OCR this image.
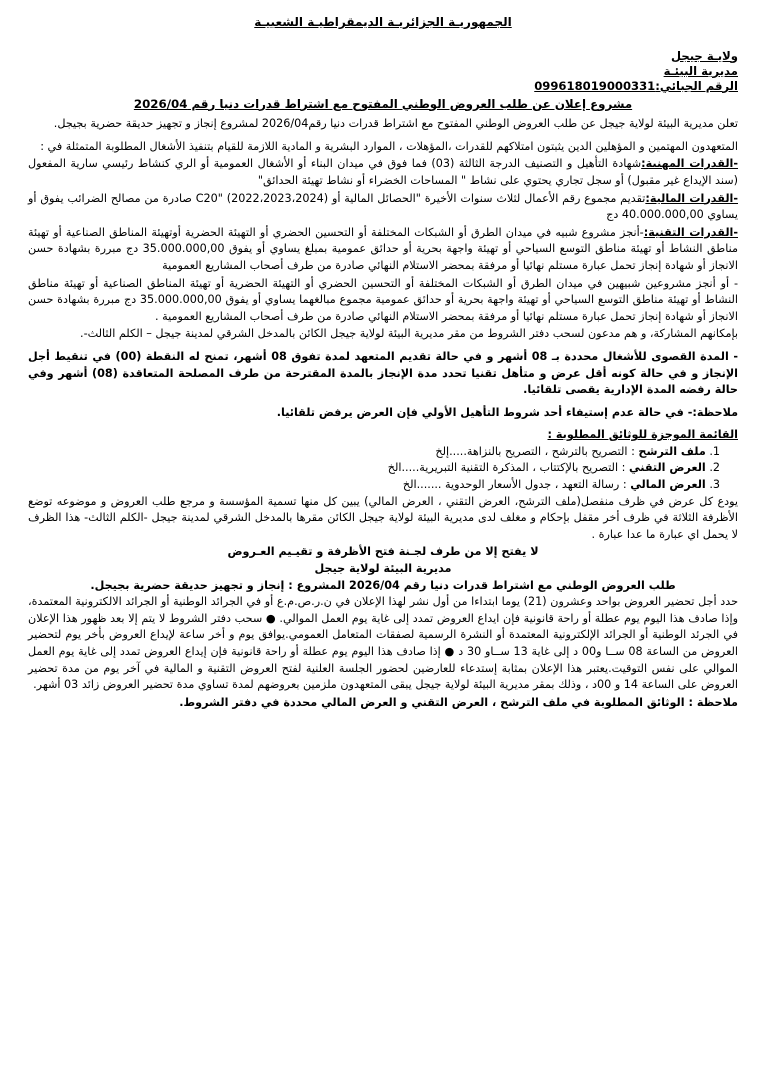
الجمهوريـة الجزائريـة الديمقراطيـة الشعبيـة

ولايـة جيجل

مديرية البيئـة

الرقم الجبائي:099618019000331

مشروع إعلان عن طلب العروض الوطني المفتوح مع اشتراط قدرات دنيا رقم 2026/04

تعلن مديرية البيئة لولاية جيجل عن طلب العروض الوطني المفتوح مع اشتراط قدرات دنيا رقم2026/04 لمشروع إنجاز و تجهيز حديقة حضرية بجيجل.

المتعهدون المهتمين و المؤهلين الدين يثبتون امتلاكهم للقدرات ،المؤهلات ، الموارد البشرية و المادية اللازمة للقيام بتنفيذ الأشغال المطلوبة المتمثلة في :

-القدرات المهنية:شهادة التأهيل و التصنيف الدرجة الثالثة (03) فما فوق في ميدان البناء أو الأشغال العمومية أو الري كنشاط رئيسي سارية المفعول (سند الإيداع غير مقبول) أو سجل تجاري يحتوي على نشاط " المساحات الخضراء أو نشاط تهيئة الحدائق"

-القدرات المالية:تقديم مجموع رقم الأعمال لثلاث سنوات الأخيرة "الحصائل المالية أو C20" (2022،2023،2024) صادرة من مصالح الضرائب يفوق أو يساوي 40.000.000,00 دج

-القدرات التقنية:-أنجز مشروع شبيه في ميدان الطرق أو الشبكات المختلفة أو التحسين الحضري أو التهيئة الحضرية أوتهيئة المناطق الصناعية أو تهيئة مناطق النشاط أو تهيئة مناطق التوسع السياحي أو تهيئة واجهة بحرية أو حدائق عمومية بمبلغ يساوي أو يفوق 35.000.000,00 دج مبررة بشهادة حسن الانجاز أو شهادة إنجاز تحمل عبارة مستلم نهائيا أو مرفقة بمحضر الاستلام النهائي صادرة من طرف أصحاب المشاريع العمومية

- أو أنجز مشروعين شبيهين في ميدان الطرق أو الشبكات المختلفة أو التحسين الحضري أو التهيئة الحضرية أو تهيئة المناطق الصناعية أو تهيئة مناطق النشاط أو تهيئة مناطق التوسع السياحي أو تهيئة واجهة بحرية أو حدائق عمومية مجموع مبالغهما يساوي أو يفوق 35.000.000,00 دج مبررة بشهادة حسن الانجاز أو شهادة إنجاز تحمل عبارة مستلم نهائيا أو مرفقة بمحضر الاستلام النهائي صادرة من طرف أصحاب المشاريع العمومية .

بإمكانهم المشاركة، و هم مدعون لسحب دفتر الشروط من مقر مديرية البيئة لولاية جيجل الكائن بالمدخل الشرقي لمدينة جيجل – الكلم الثالث-.

- المدة القصوى للأشغال محددة بـ 08 أشهر و في حالة تقديم المتعهد لمدة تفوق 08 أشهر، تمنح له النقطة (00) في تنقيط أجل الإنجاز و في حالة كونه أقل عرض و متأهل تقنيا تحدد مدة الإنجاز بالمدة المقترحة من طرف المصلحة المتعاقدة (08) أشهر وفي حالة رفضه المدة الإدارية يقصى تلقائيا.

ملاحظة:- في حالة عدم إستيفاء أحد شروط التأهيل الأولي فإن العرض يرفض تلقائيا.

القائمة الموجزة للوثائق المطلوبة :

1. ملف الترشح : التصريح بالترشح ، التصريح بالنزاهة.....إلخ
2. العرض التقني : التصريح بالإكتتاب ، المذكرة التقنية التبريرية.....الخ
3. العرض المالي : رسالة التعهد ، جدول الأسعار الوحدوية .......الخ

يودع كل عرض في ظرف منفصل(ملف الترشح، العرض التقني ، العرض المالي) يبين كل منها تسمية المؤسسة و مرجع طلب العروض و موضوعه توضع الأظرفة الثلاثة في ظرف أخر مقفل بإحكام و مغلف لدى مديرية البيئة لولاية جيجل الكائن مقرها بالمدخل الشرقي لمدينة جيجل -الكلم الثالث- هذا الظرف لا يحمل اي عبارة ما عدا عبارة .

لا يفتح إلا من طرف لجـنة فتح الأظرفة و تقيـيم العـروض

مديرية البيئة لولاية جيجل

طلب العروض الوطني مع اشتراط قدرات دنيا رقم 2026/04 المشروع : إنجاز و تجهيز حديقة حضرية بجيجل.

حدد أجل تحضير العروض بواحد وعشرون (21) يوما ابتداءا من أول نشر لهذا الإعلان في ن.ر.ص.م.ع أو في الجرائد الوطنية أو الجرائد الالكترونية المعتمدة، وإذا صادف هذا اليوم يوم عطلة أو راحة قانونية فإن ايداع العروض تمدد إلى غاية يوم العمل الموالي. ● سحب دفتر الشروط لا يتم إلا بعد ظهور هذا الإعلان في الجرئد الوطنية أو الجرائد الإلكترونية المعتمدة أو النشرة الرسمية لصفقات المتعامل العمومي.يوافق يوم و أخر ساعة لإيداع العروض بأخر يوم لتحضير العروض من الساعة 08 ســا و00 د إلى غاية 13 ســاو 30 د ● إذا صادف هذا اليوم يوم عطلة أو راحة قانونية فإن إيداع العروض تمدد إلى غاية يوم العمل الموالي على نفس التوقيت.يعتبر هذا الإعلان بمثابة إستدعاء للعارضين لحضور الجلسة العلنية لفتح العروض التقنية و المالية في آخر يوم من مدة تحضير العروض على الساعة 14 و 00د ، وذلك بمقر مديرية البيئة لولاية جيجل يبقى المتعهدون ملزمين بعروضهم لمدة تساوي مدة تحضير العروض زائد 03 أشهر.

ملاحظة : الوثائق المطلوبة في ملف الترشح ، العرض التقني و العرض المالي محددة في دفتر الشروط.
